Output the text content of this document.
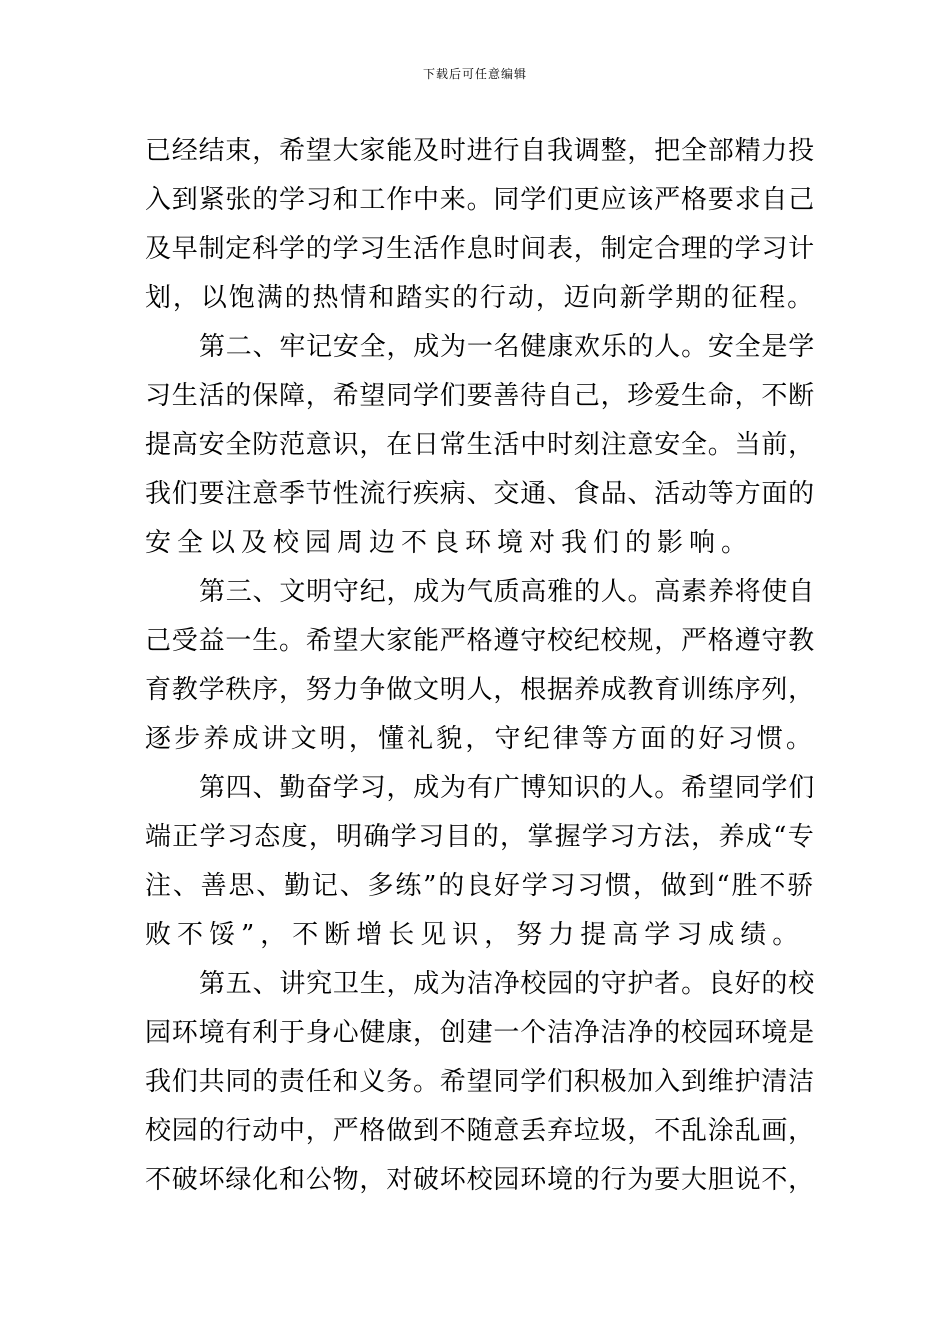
下载后可任意编辑
已经结束，希望大家能及时进行自我调整，把全部精力投
入到紧张的学习和工作中来。同学们更应该严格要求自己
及早制定科学的学习生活作息时间表，制定合理的学习计
划，以饱满的热情和踏实的行动，迈向新学期的征程。
第二、牢记安全，成为一名健康欢乐的人。安全是学
习生活的保障，希望同学们要善待自己，珍爱生命，不断
提高安全防范意识，在日常生活中时刻注意安全。当前，
我们要注意季节性流行疾病、交通、食品、活动等方面的
安全以及校园周边不良环境对我们的影响。
第三、文明守纪，成为气质高雅的人。高素养将使自
己受益一生。希望大家能严格遵守校纪校规，严格遵守教
育教学秩序，努力争做文明人，根据养成教育训练序列，
逐步养成讲文明，懂礼貌，守纪律等方面的好习惯。
第四、勤奋学习，成为有广博知识的人。希望同学们
端正学习态度，明确学习目的，掌握学习方法，养成“专
注、善思、勤记、多练”的良好学习习惯，做到“胜不骄
败不馁”，不断增长见识，努力提高学习成绩。
第五、讲究卫生，成为洁净校园的守护者。良好的校
园环境有利于身心健康，创建一个洁净洁净的校园环境是
我们共同的责任和义务。希望同学们积极加入到维护清洁
校园的行动中，严格做到不随意丢弃垃圾，不乱涂乱画，
不破坏绿化和公物，对破坏校园环境的行为要大胆说不，
